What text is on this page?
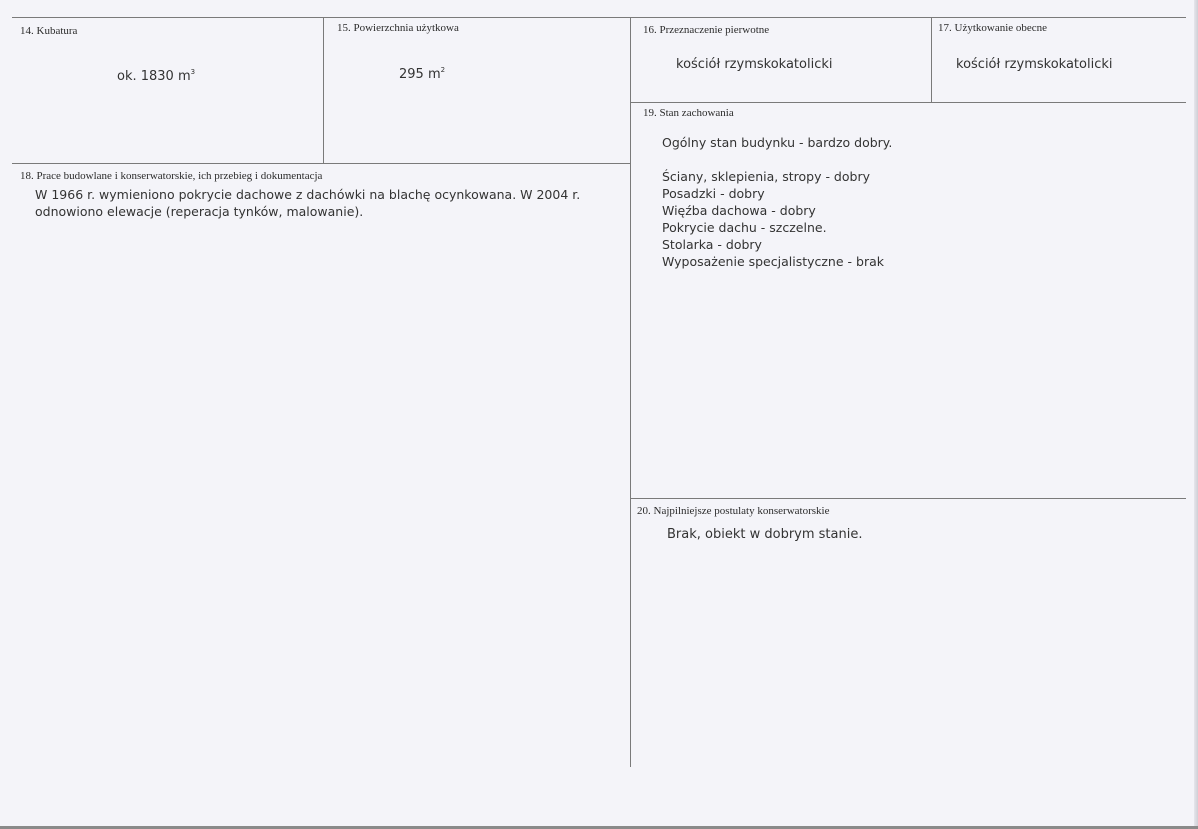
14. Kubatura
ok. 1830 $m^3$
15. Powierzchnia użytkowa
295 $m^2$
16. Przeznaczenie pierwotne
kościół rzymskokatolicki
17. Użytkowanie obecne
kościół rzymskokatolicki
18. Prace budowlane i konserwatorskie, ich przebieg i dokumentacja
W 1966 r. wymieniono pokrycie dachowe z dachówki na blachę ocynkowana. W 2004 r.
odnowiono elewacje (reperacja tynków, malowanie).
19. Stan zachowania
Ogólny stan budynku - bardzo dobry.
Ściany, sklepienia, stropy - dobry
Posadzki - dobry
Więźba dachowa - dobry
Pokrycie dachu - szczelne.
Stolarka - dobry
Wyposażenie specjalistyczne - brak
20. Najpilniejsze postulaty konserwatorskie
Brak, obiekt w dobrym stanie.
